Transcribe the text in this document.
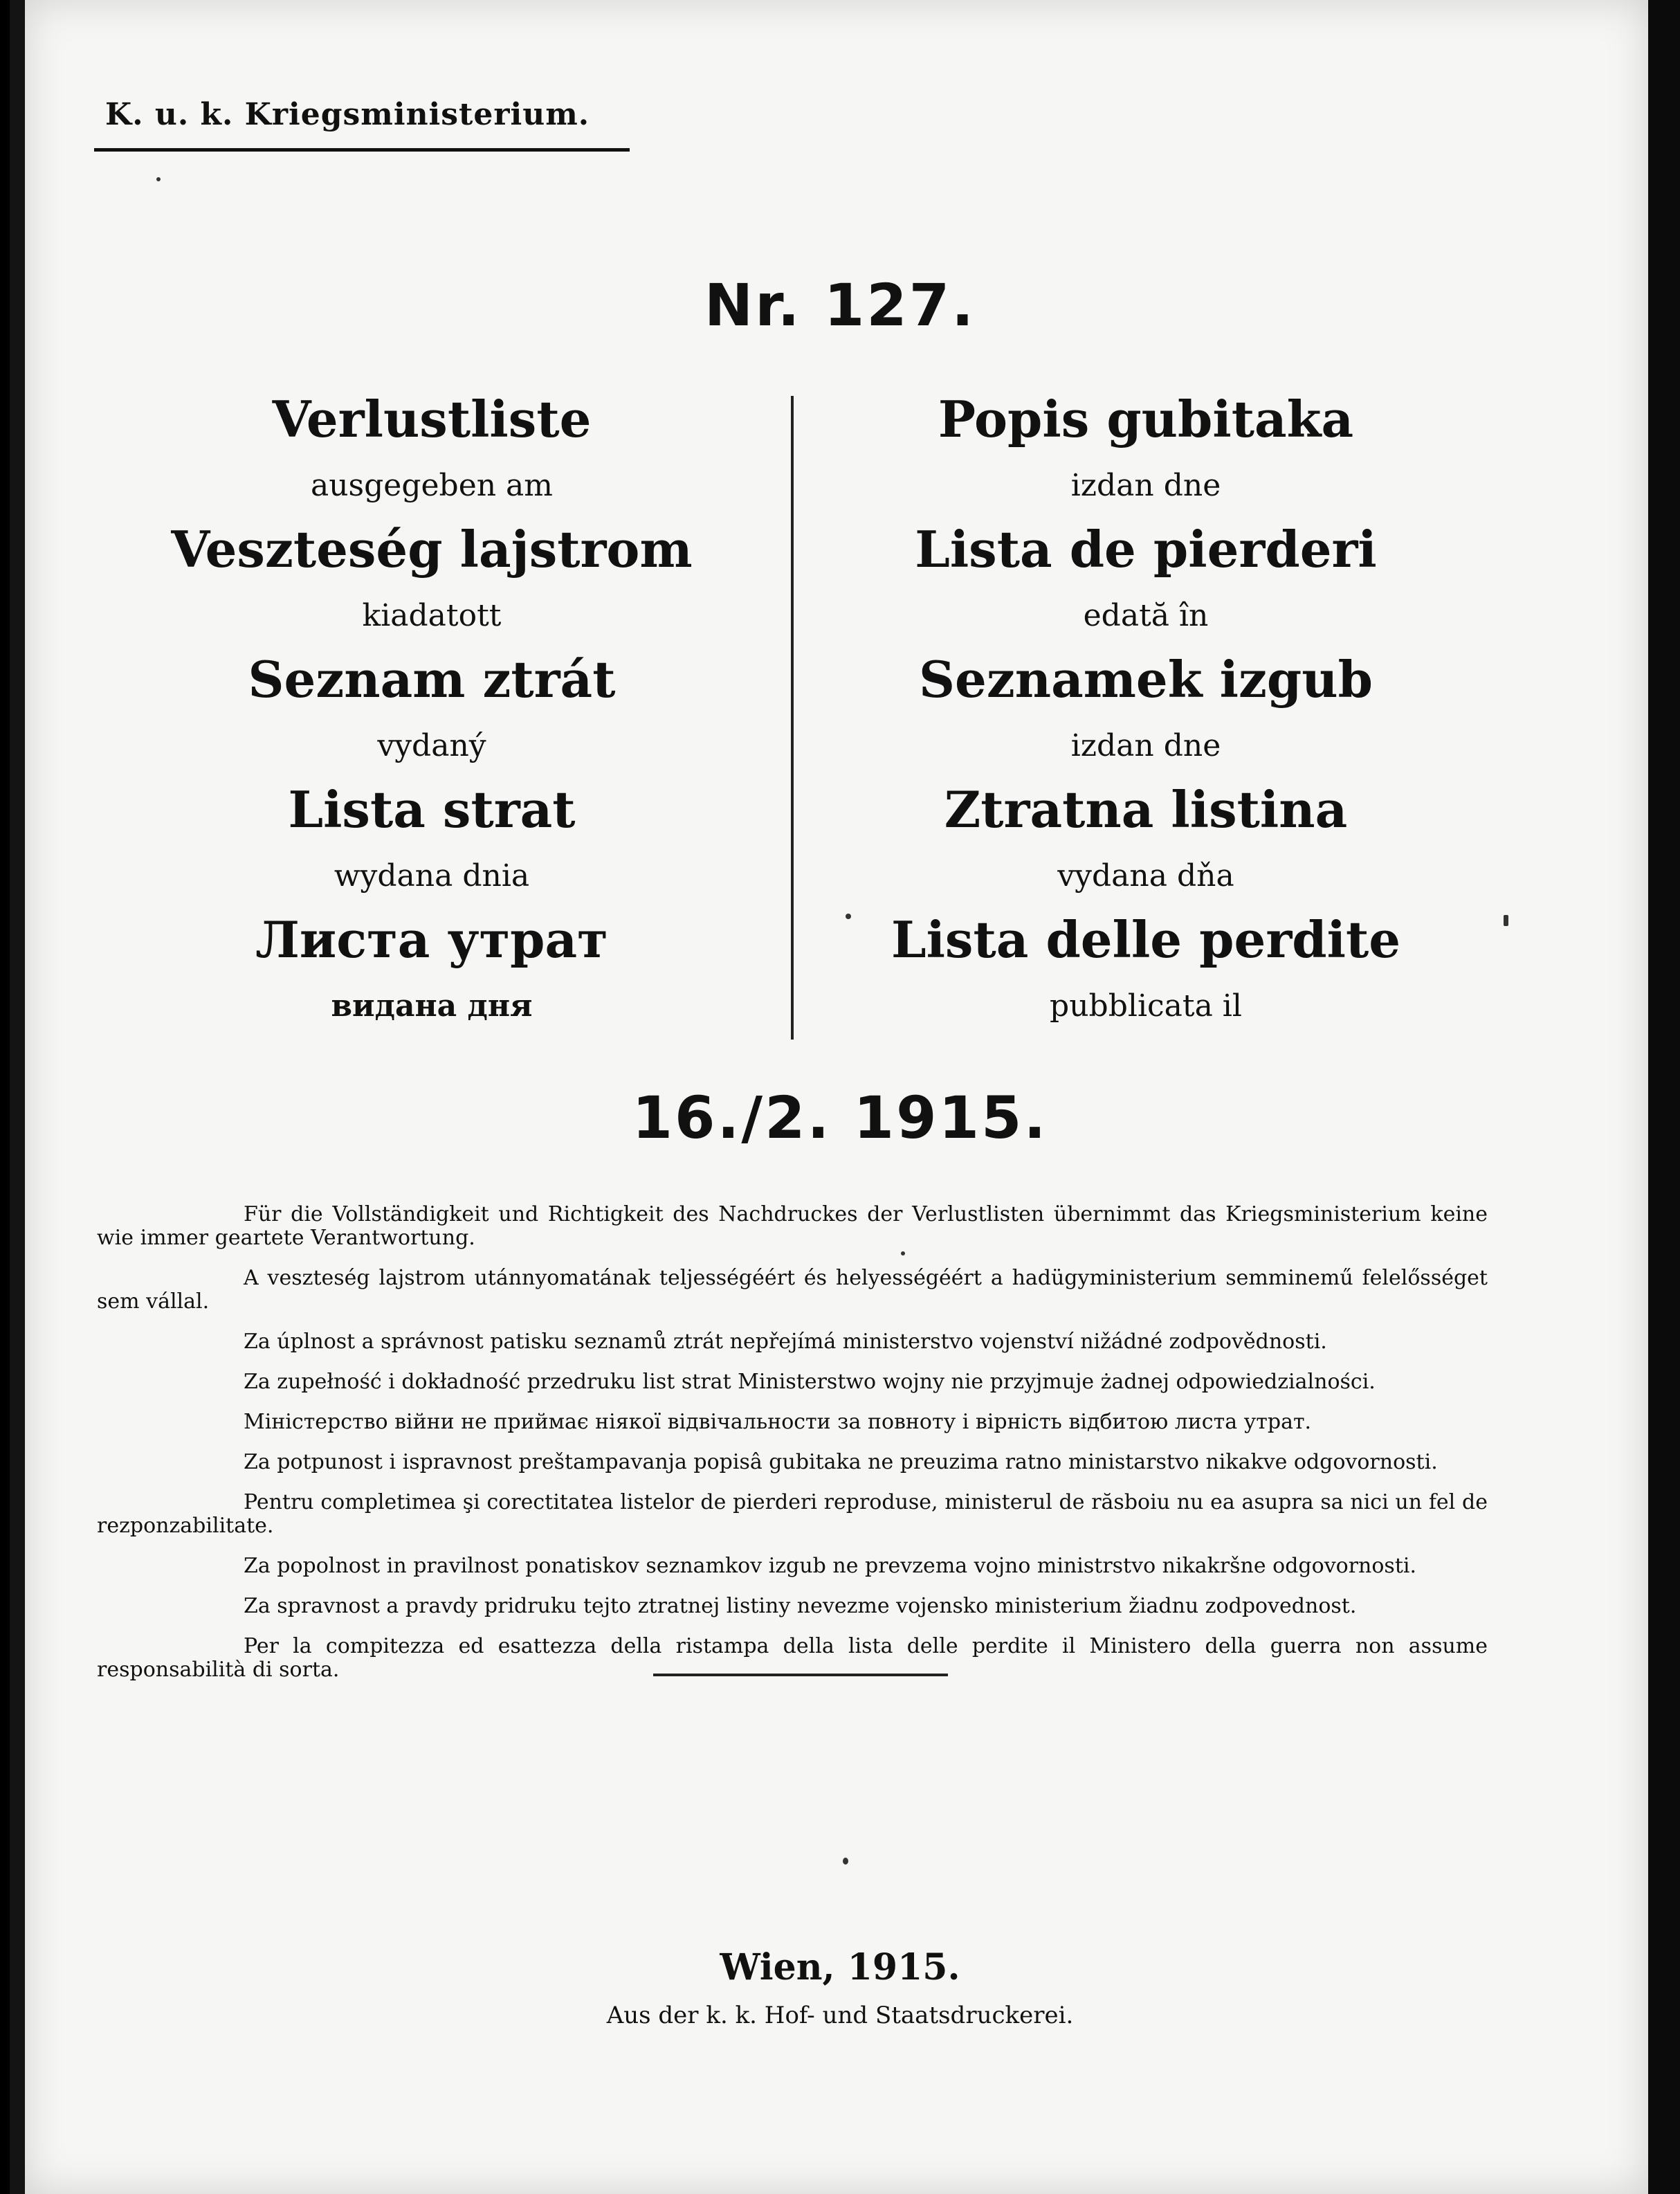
K. u. k. Kriegsministerium.
Nr. 127.
Verlustliste
ausgegeben am
Veszteség lajstrom
kiadatott
Seznam ztrát
vydaný
Lista strat
wydana dnia
Листа утрат
видана дня
Popis gubitaka
izdan dne
Lista de pierderi
edată în
Seznamek izgub
izdan dne
Ztratna listina
vydana dňa
Lista delle perdite
pubblicata il
16./2. 1915.

Für die Vollständigkeit und Richtigkeit des Nachdruckes der Verlustlisten übernimmt das Kriegsministerium keine wie immer geartete Verantwortung.

A veszteség lajstrom utánnyomatának teljességéért és helyességéért a hadügyministerium semminemű felelősséget sem vállal.

Za úplnost a správnost patisku seznamů ztrát nepřejímá ministerstvo vojenství nižádné zodpovědnosti.

Za zupełność i dokładność przedruku list strat Ministerstwo wojny nie przyjmuje żadnej odpowiedzialności.

Міністерство війни не приймає ніякої відвічальности за повноту і вірність відбитою листа утрат.

Za potpunost i ispravnost preštampavanja popisâ gubitaka ne preuzima ratno ministarstvo nikakve odgovornosti.

Pentru completimea şi corectitatea listelor de pierderi reproduse, ministerul de răsboiu nu ea asupra sa nici un fel de rezponzabilitate.

Za popolnost in pravilnost ponatiskov seznamkov izgub ne prevzema vojno ministrstvo nikakršne odgovornosti.

Za spravnost a pravdy pridruku tejto ztratnej listiny nevezme vojensko ministerium žiadnu zodpovednost.

Per la compitezza ed esattezza della ristampa della lista delle perdite il Ministero della guerra non assume responsabilità di sorta.

Wien, 1915.
Aus der k. k. Hof- und Staatsdruckerei.
